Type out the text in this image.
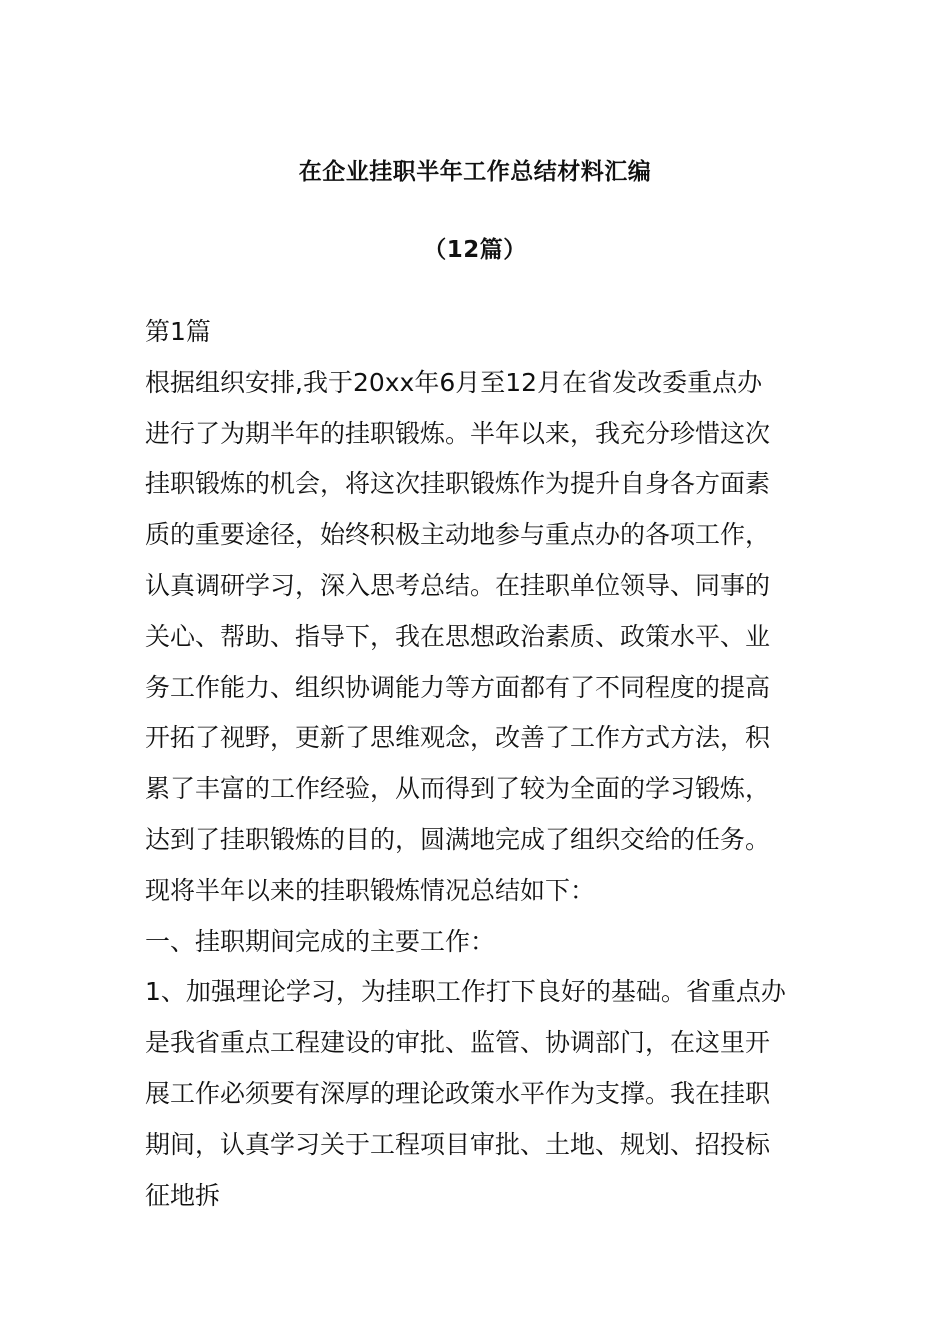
在企业挂职半年工作总结材料汇编
（12篇）
第1篇
根据组织安排,我于20xx年6月至12月在省发改委重点办
进行了为期半年的挂职锻炼。半年以来，我充分珍惜这次
挂职锻炼的机会，将这次挂职锻炼作为提升自身各方面素
质的重要途径，始终积极主动地参与重点办的各项工作，
认真调研学习，深入思考总结。在挂职单位领导、同事的
关心、帮助、指导下，我在思想政治素质、政策水平、业
务工作能力、组织协调能力等方面都有了不同程度的提高
开拓了视野，更新了思维观念，改善了工作方式方法，积
累了丰富的工作经验，从而得到了较为全面的学习锻炼，
达到了挂职锻炼的目的，圆满地完成了组织交给的任务。
现将半年以来的挂职锻炼情况总结如下：
一、挂职期间完成的主要工作：
1、加强理论学习，为挂职工作打下良好的基础。省重点办
是我省重点工程建设的审批、监管、协调部门，在这里开
展工作必须要有深厚的理论政策水平作为支撑。我在挂职
期间，认真学习关于工程项目审批、土地、规划、招投标
征地拆
